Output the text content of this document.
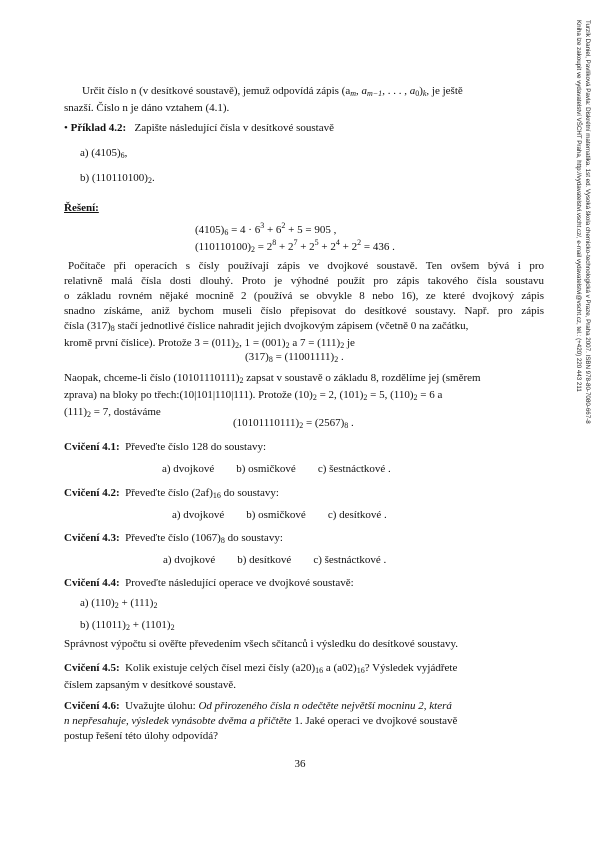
Určit číslo n (v desítkové soustavě), jemuž odpovídá zápis ($a_m$, $a_{m-1}$, . . . , $a_0)_k$, je ještě
snazší. Číslo n je dáno vztahem (4.1).
• Příklad 4.2: Zapište následující čísla v desítkové soustavě
a) $(4105)_6$,
b) $(110110100)_2$.
Řešení:
$(4105)_6 = 4 \cdot 6^3 + 6^2 + 5 = 905$ ,
$(110110100)_2 = 2^8 + 2^7 + 2^5 + 2^4 + 2^2 = 436$ .
Počítače při operacích s čísly používají zápis ve dvojkové soustavě. Ten ovšem bývá i pro
relativně malá čísla dosti dlouhý. Proto je výhodné použít pro zápis takového čísla soustavu
o základu rovném nějaké mocnině 2 (používá se obvykle 8 nebo 16), ze které dvojkový zápis
snadno získáme, aniž bychom museli číslo přepisovat do desítkové soustavy. Např. pro zápis
čísla $(317)_8$ stačí jednotlivé číslice nahradit jejich dvojkovým zápisem (včetně 0 na začátku,
kromě první číslice). Protože $3 = (011)_2$, $1 = (001)_2$ a $7 = (111)_2$ je
$(317)_8 = (11001111)_2$ .
Naopak, chceme-li číslo $(10101110111)_2$ zapsat v soustavě o základu 8, rozdělíme jej (směrem
zprava) na bloky po třech:(10|101|110|111). Protože $(10)_2 = 2$, $(101)_2 = 5$, $(110)_2 = 6$ a
$(111)_2 = 7$, dostáváme
$(10101110111)_2 = (2567)_8$ .
Cvičení 4.1: Převeďte číslo 128 do soustavy:
a) dvojkové b) osmičkové c) šestnáctkové .
Cvičení 4.2: Převeďte číslo $(2af)_{16}$ do soustavy:
a) dvojkové b) osmičkové c) desítkové .
Cvičení 4.3: Převeďte číslo $(1067)_8$ do soustavy:
a) dvojkové b) desítkové c) šestnáctkové .
Cvičení 4.4: Proveďte následující operace ve dvojkové soustavě:
a) $(110)_2 + (111)_2$
b) $(11011)_2 + (1101)_2$
Správnost výpočtu si ověřte převedením všech sčítanců i výsledku do desítkové soustavy.
Cvičení 4.5: Kolik existuje celých čísel mezi čísly $(a20)_{16}$ a $(a02)_{16}$? Výsledek vyjádřete
číslem zapsaným v desítkové soustavě.
Cvičení 4.6: Uvažujte úlohu: Od přirozeného čísla n odečtěte největší mocninu 2, která
n nepřesahuje, výsledek vynásobte dvěma a přičtěte 1. Jaké operaci ve dvojkové soustavě
postup řešení této úlohy odpovídá?
36
Turzík Daniel, Pavlíková Pavla: Diskrétní matematika. 1st ed. Vysoká škola chemicko-technologická v Praze, Praha 2007. ISBN 978-80-7080-667-8
Kniha lze zakoupit ve vydavatelství VŠCHT Praha, http://vydavatelstvi.vscht.cz/, e-mail vydavatelstvi@vscht.cz, tel.: (+420) 220 443 211
